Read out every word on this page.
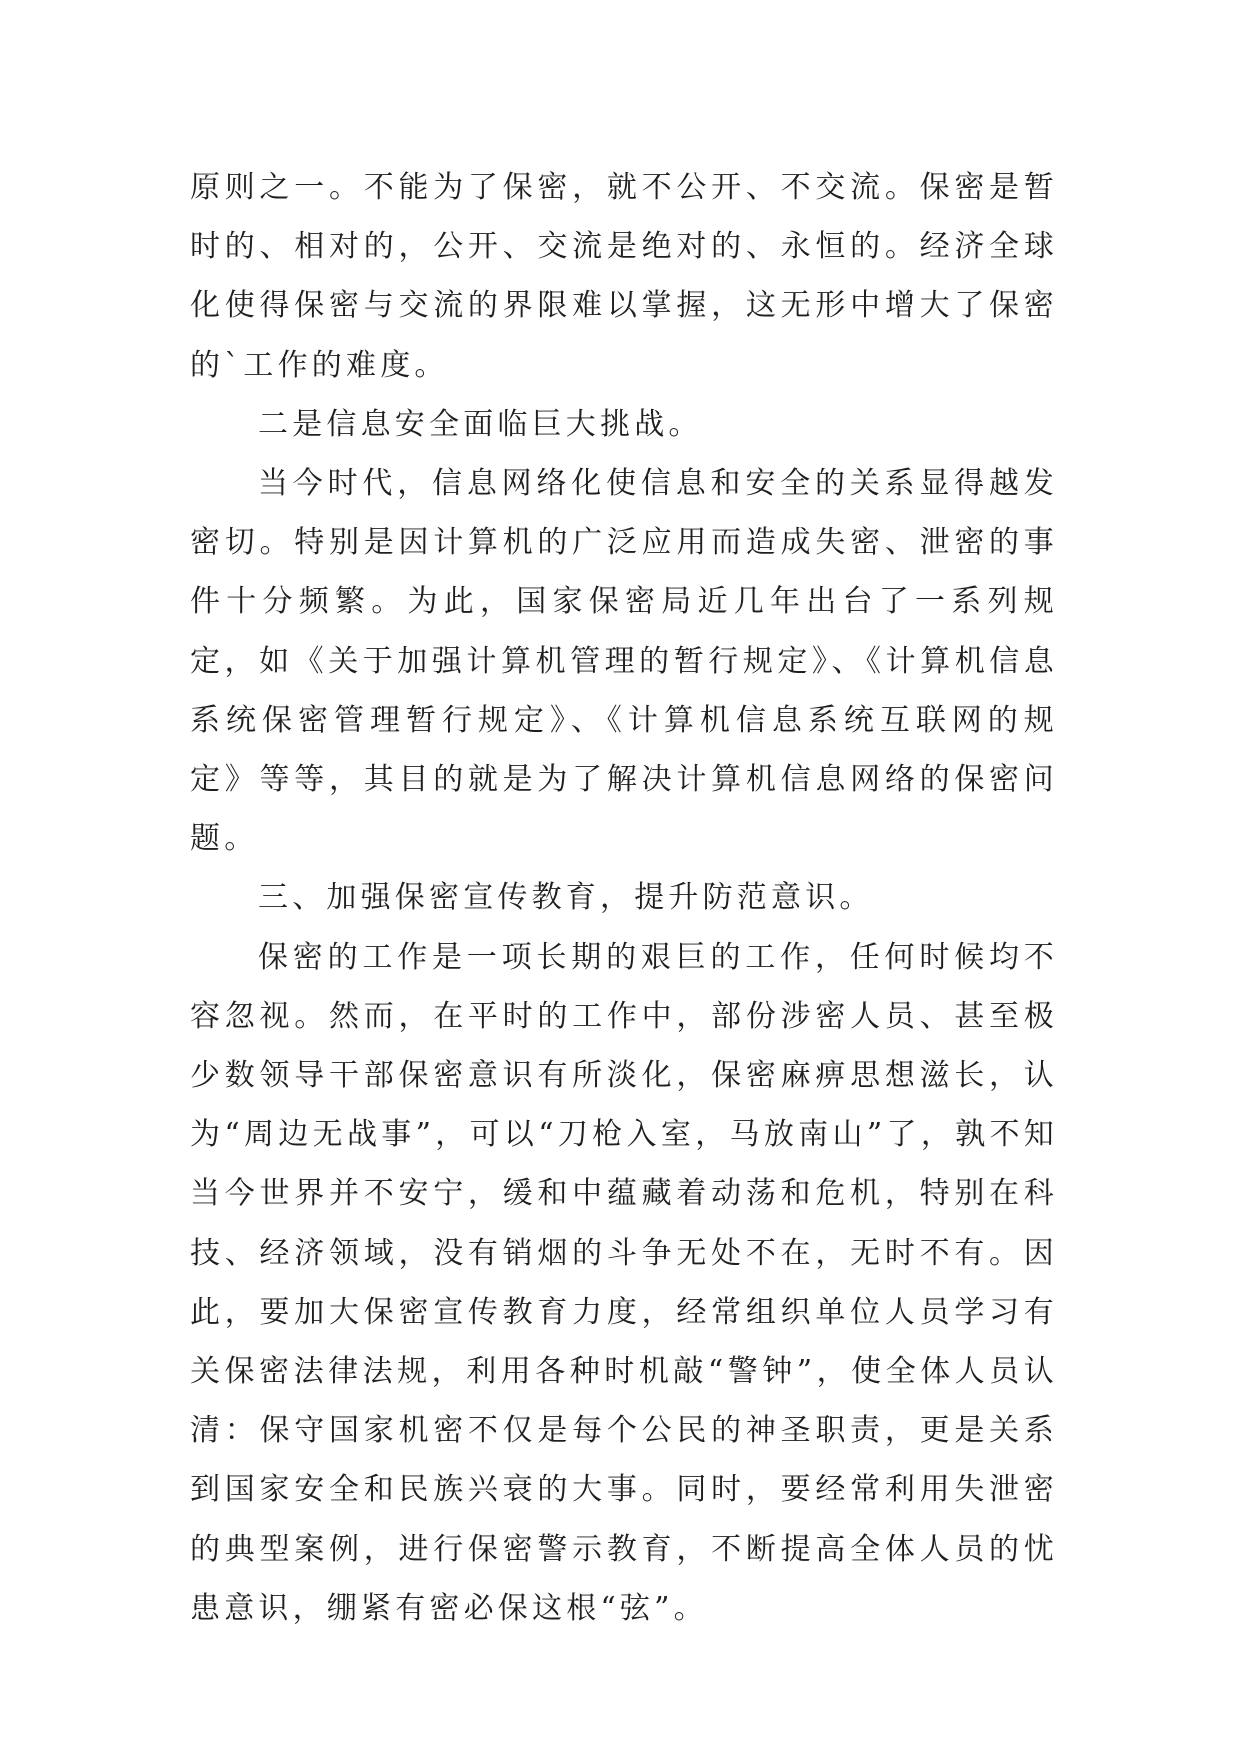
原则之一。不能为了保密，就不公开、不交流。保密是暂时的、相对的，公开、交流是绝对的、永恒的。经济全球化使得保密与交流的界限难以掌握，这无形中增大了保密的`工作的难度。

二是信息安全面临巨大挑战。

当今时代，信息网络化使信息和安全的关系显得越发密切。特别是因计算机的广泛应用而造成失密、泄密的事件十分频繁。为此，国家保密局近几年出台了一系列规定，如《关于加强计算机管理的暂行规定》、《计算机信息系统保密管理暂行规定》、《计算机信息系统互联网的规定》等等，其目的就是为了解决计算机信息网络的保密问题。

三、加强保密宣传教育，提升防范意识。

保密的工作是一项长期的艰巨的工作，任何时候均不容忽视。然而，在平时的工作中，部份涉密人员、甚至极少数领导干部保密意识有所淡化，保密麻痹思想滋长，认为“周边无战事”，可以“刀枪入室，马放南山”了，孰不知当今世界并不安宁，缓和中蕴藏着动荡和危机，特别在科技、经济领域，没有销烟的斗争无处不在，无时不有。因此，要加大保密宣传教育力度，经常组织单位人员学习有关保密法律法规，利用各种时机敲“警钟”，使全体人员认清：保守国家机密不仅是每个公民的神圣职责，更是关系到国家安全和民族兴衰的大事。同时，要经常利用失泄密的典型案例，进行保密警示教育，不断提高全体人员的忧患意识，绷紧有密必保这根“弦”。
